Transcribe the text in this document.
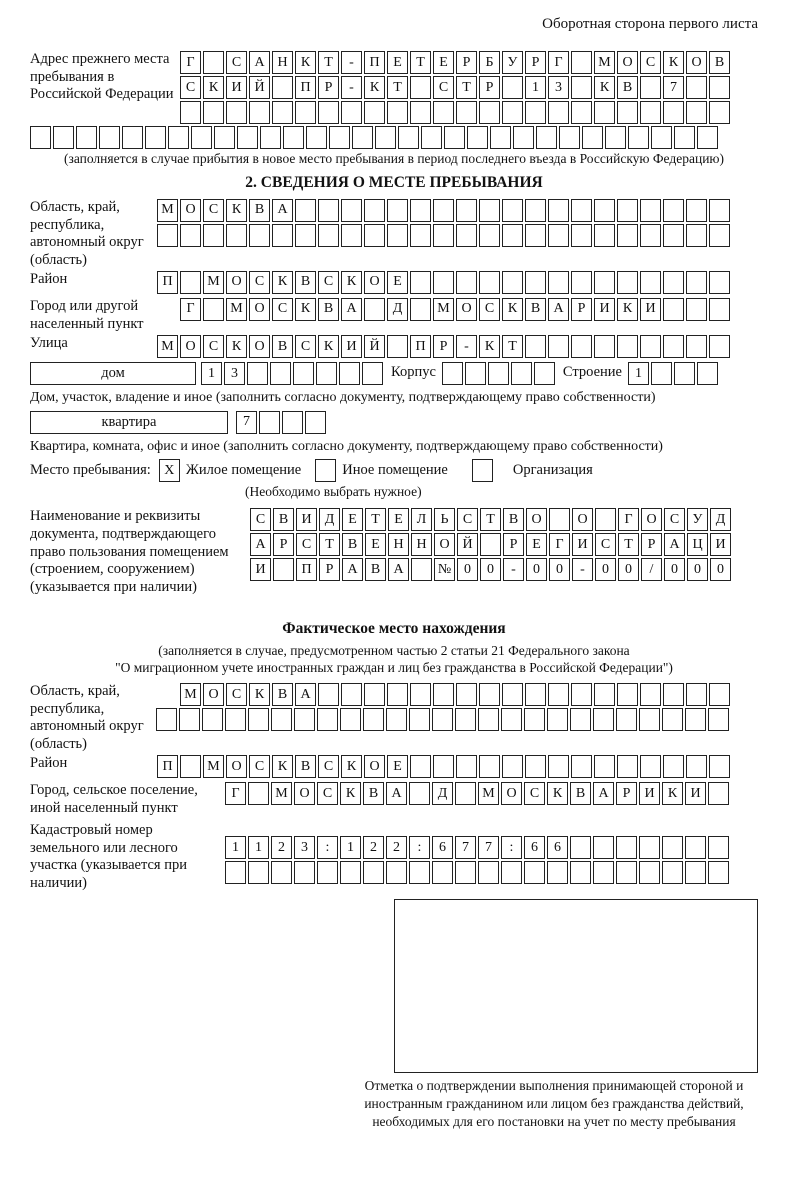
Оборотная сторона первого листа
Адрес прежнего места пребывания в Российской Федерации
Г	С А Н К	Т	-	П Е	Т	Е	Р	Б	У	Р	Г	М О С К О В
С К И Й	П	Р	-	К	Т	С	Т	Р	1	3	К В	7
(заполняется в случае прибытия в новое место пребывания в период последнего въезда в Российскую Федерацию)
2. СВЕДЕНИЯ О МЕСТЕ ПРЕБЫВАНИЯ
Область, край, республика, автономный округ (область)
М О С К В А
Район	П	М О С К В С К О Е
Город или другой населенный пункт
Г	М О С К В А	Д	М О С К В А	Р	И К И
Улица	М О С К О В С К И Й	П	Р	-	К	Т
дом	1	3	Корпус	Строение 1
Дом, участок, владение и иное (заполнить согласно документу, подтверждающему право собственности)
квартира	7
Квартира, комната, офис и иное (заполнить согласно документу, подтверждающему право собственности)
Место пребывания: X Жилое помещение	Иное помещение	Организация
(Необходимо выбрать нужное)
Наименование и реквизиты документа, подтверждающего право пользования помещением (строением, сооружением) (указывается при наличии)
С В И Д Е	Т	Е Л	Ь	С	Т	В О	О	Г О С У Д
А	Р	С	Т	В	Е Н Н О Й	Р	Е	Г И С	Т	Р	А Ц И
И	П	Р	А В А	№ 0	0	-	0	0	-	0	0	/	0	0	0
Фактическое место нахождения
(заполняется в случае, предусмотренном частью 2 статьи 21 Федерального закона
"О миграционном учете иностранных граждан и лиц без гражданства в Российской Федерации")
Область, край, республика, автономный округ (область)
М О С К В А
Район	П	М О С К В С К О Е
Город, сельское поселение, иной населенный пункт
Г	М О С К В А	Д	М О С К В А	Р	И К И
Кадастровый номер земельного или лесного участка (указывается при наличии)
1	1	2	3	:	1	2	2	:	6	7	7	:	6	6
Отметка о подтверждении выполнения принимающей стороной и иностранным гражданином или лицом без гражданства действий, необходимых для его постановки на учет по месту пребывания
